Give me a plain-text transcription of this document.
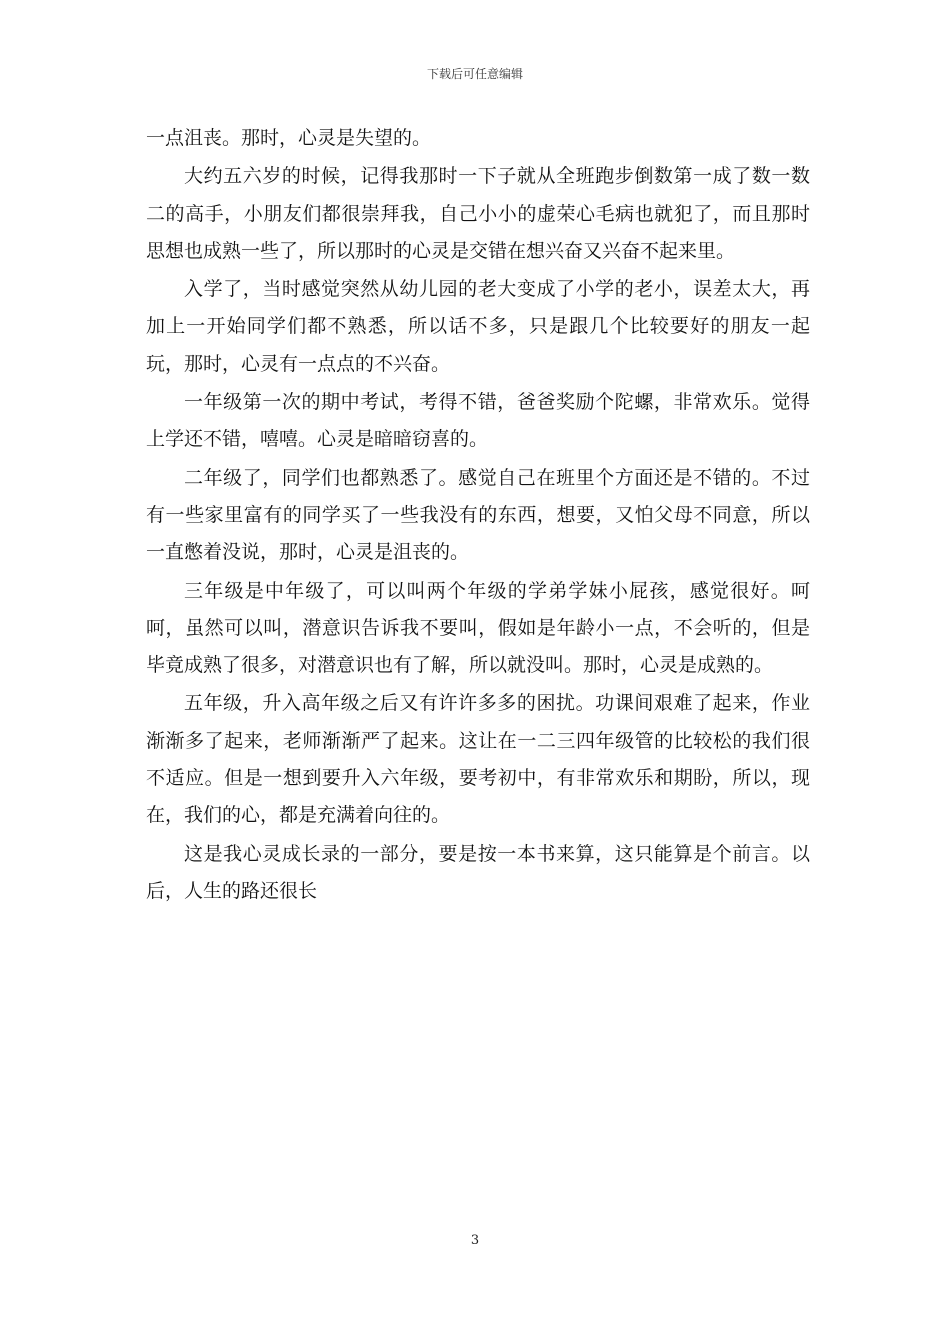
下载后可任意编辑

一点沮丧。那时，心灵是失望的。

大约五六岁的时候，记得我那时一下子就从全班跑步倒数第一成了数一数二的高手，小朋友们都很崇拜我，自己小小的虚荣心毛病也就犯了，而且那时思想也成熟一些了，所以那时的心灵是交错在想兴奋又兴奋不起来里。

入学了，当时感觉突然从幼儿园的老大变成了小学的老小，误差太大，再加上一开始同学们都不熟悉，所以话不多，只是跟几个比较要好的朋友一起玩，那时，心灵有一点点的不兴奋。

一年级第一次的期中考试，考得不错，爸爸奖励个陀螺，非常欢乐。觉得上学还不错，嘻嘻。心灵是暗暗窃喜的。

二年级了，同学们也都熟悉了。感觉自己在班里个方面还是不错的。不过有一些家里富有的同学买了一些我没有的东西，想要，又怕父母不同意，所以一直憋着没说，那时，心灵是沮丧的。

三年级是中年级了，可以叫两个年级的学弟学妹小屁孩，感觉很好。呵呵，虽然可以叫，潜意识告诉我不要叫，假如是年龄小一点，不会听的，但是毕竟成熟了很多，对潜意识也有了解，所以就没叫。那时，心灵是成熟的。

五年级，升入高年级之后又有许许多多的困扰。功课间艰难了起来，作业渐渐多了起来，老师渐渐严了起来。这让在一二三四年级管的比较松的我们很不适应。但是一想到要升入六年级，要考初中，有非常欢乐和期盼，所以，现在，我们的心，都是充满着向往的。

这是我心灵成长录的一部分，要是按一本书来算，这只能算是个前言。以后，人生的路还很长

3
